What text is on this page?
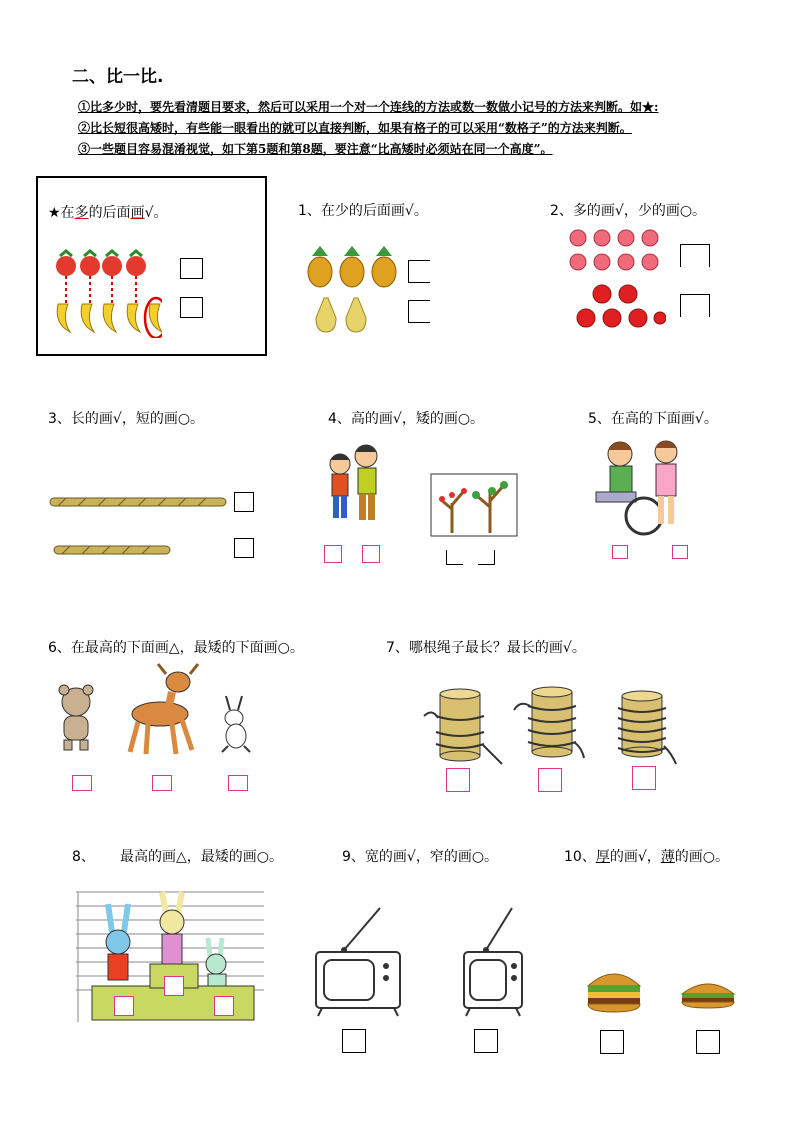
二、比一比.
①比多少时，要先看清题目要求，然后可以采用一个对一个连线的方法或数一数做小记号的方法来判断。如★:
②比长短很高矮时，有些能一眼看出的就可以直接判断，如果有格子的可以采用“数格子”的方法来判断。
③一些题目容易混淆视觉，如下第5题和第8题，要注意“比高矮时必须站在同一个高度”。
★在多的后面画√。	1、在少的后面画√。	2、多的画√，少的画○。
3、长的画√，短的画○。	4、高的画√，矮的画○。	5、在高的下面画√。
6、在最高的下面画△，最矮的下面画○。	7、哪根绳子最长？最长的画√。
8、 最高的画△，最矮的画○。	9、宽的画√，窄的画○。	10、厚的画√，薄的画○。
